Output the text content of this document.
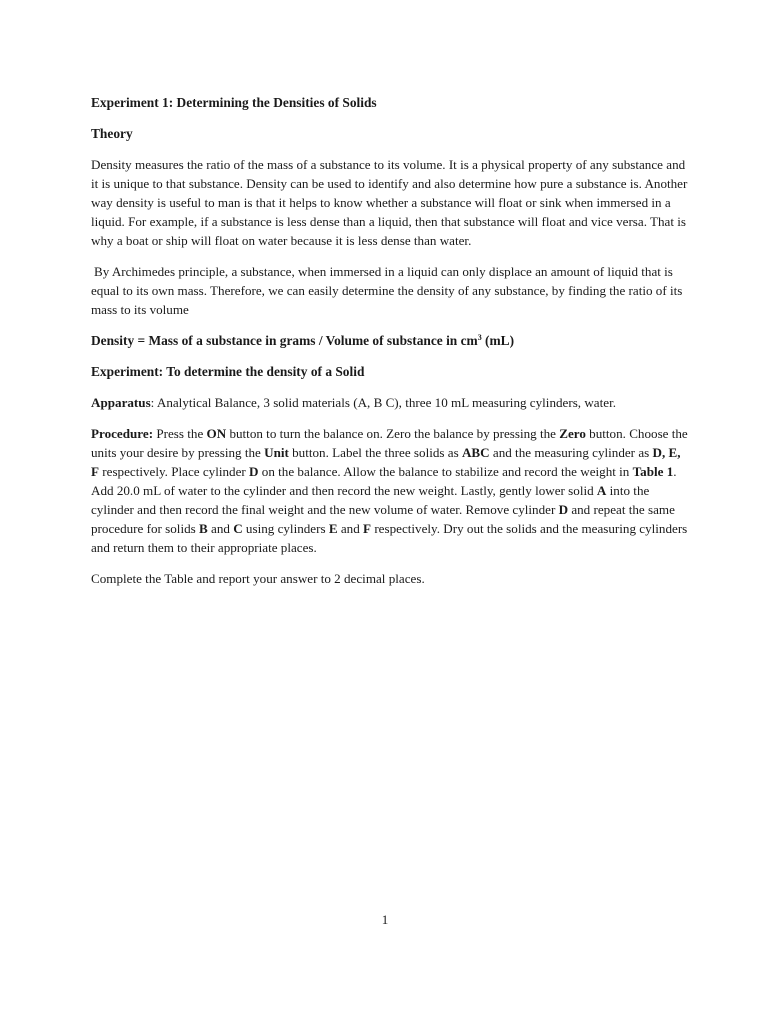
Experiment 1: Determining the Densities of Solids

Theory

Density measures the ratio of the mass of a substance to its volume. It is a physical property of any substance and it is unique to that substance. Density can be used to identify and also determine how pure a substance is. Another way density is useful to man is that it helps to know whether a substance will float or sink when immersed in a liquid. For example, if a substance is less dense than a liquid, then that substance will float and vice versa. That is why a boat or ship will float on water because it is less dense than water.

By Archimedes principle, a substance, when immersed in a liquid can only displace an amount of liquid that is equal to its own mass. Therefore, we can easily determine the density of any substance, by finding the ratio of its mass to its volume

Density = Mass of a substance in grams / Volume of substance in $cm^3$ (mL)

Experiment: To determine the density of a Solid

Apparatus: Analytical Balance, 3 solid materials (A, B C), three 10 mL measuring cylinders, water.

Procedure: Press the ON button to turn the balance on. Zero the balance by pressing the Zero button. Choose the units your desire by pressing the Unit button. Label the three solids as ABC and the measuring cylinder as D, E, F respectively. Place cylinder D on the balance. Allow the balance to stabilize and record the weight in Table 1. Add 20.0 mL of water to the cylinder and then record the new weight. Lastly, gently lower solid A into the cylinder and then record the final weight and the new volume of water. Remove cylinder D and repeat the same procedure for solids B and C using cylinders E and F respectively. Dry out the solids and the measuring cylinders and return them to their appropriate places.

Complete the Table and report your answer to 2 decimal places.

1
